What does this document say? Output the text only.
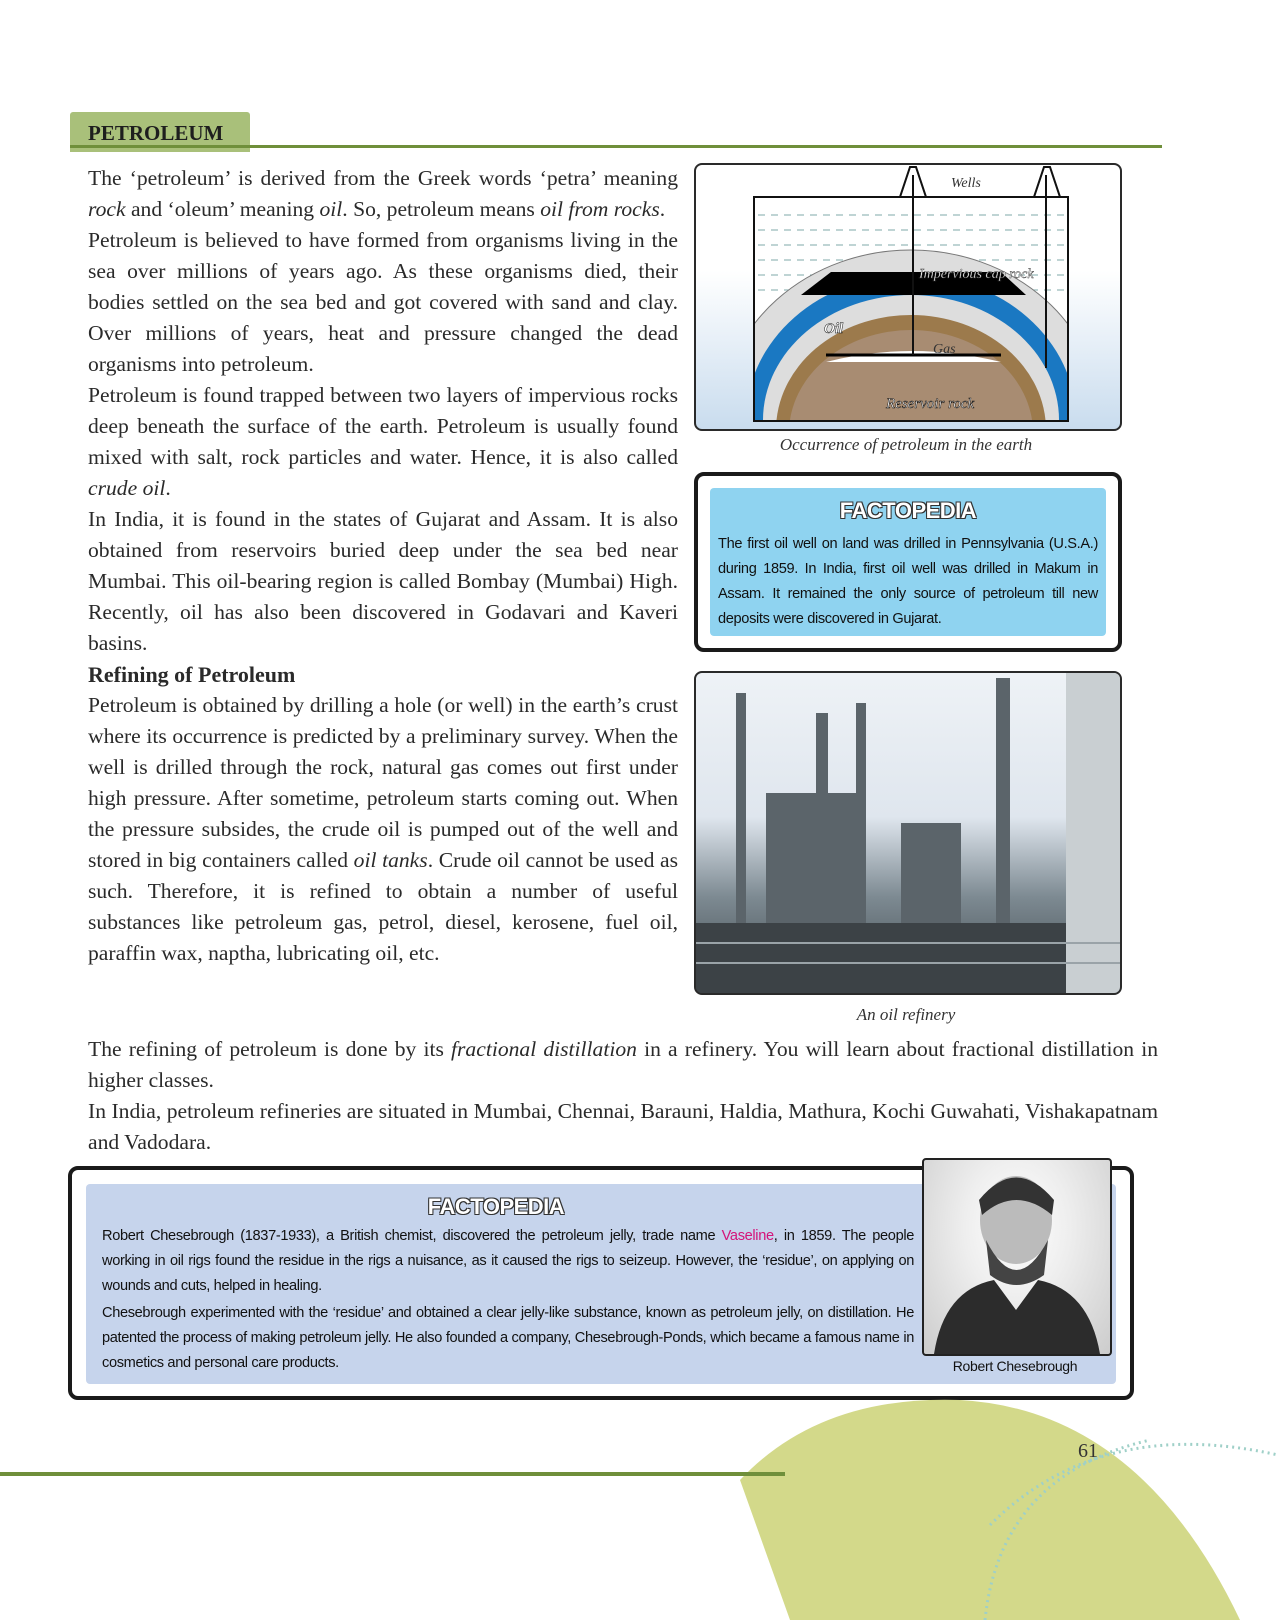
PETROLEUM

The ‘petroleum’ is derived from the Greek words ‘petra’ meaning rock and ‘oleum’ meaning oil. So, petroleum means oil from rocks.

Petroleum is believed to have formed from organisms living in the sea over millions of years ago. As these organisms died, their bodies settled on the sea bed and got covered with sand and clay. Over millions of years, heat and pressure changed the dead organisms into petroleum.

Petroleum is found trapped between two layers of impervious rocks deep beneath the surface of the earth. Petroleum is usually found mixed with salt, rock particles and water. Hence, it is also called crude oil.

In India, it is found in the states of Gujarat and Assam. It is also obtained from reservoirs buried deep under the sea bed near Mumbai. This oil-bearing region is called Bombay (Mumbai) High. Recently, oil has also been discovered in Godavari and Kaveri basins.

Refining of Petroleum

Petroleum is obtained by drilling a hole (or well) in the earth’s crust where its occurrence is predicted by a preliminary survey. When the well is drilled through the rock, natural gas comes out first under high pressure. After sometime, petroleum starts coming out. When the pressure subsides, the crude oil is pumped out of the well and stored in big containers called oil tanks. Crude oil cannot be used as such. Therefore, it is refined to obtain a number of useful substances like petroleum gas, petrol, diesel, kerosene, fuel oil, paraffin wax, naptha, lubricating oil, etc.

The refining of petroleum is done by its fractional distillation in a refinery. You will learn about fractional distillation in higher classes.

In India, petroleum refineries are situated in Mumbai, Chennai, Barauni, Haldia, Mathura, Kochi Guwahati, Vishakapatnam and Vadodara.

Wells
Impervious cap rock
Oil
Gas
Reservoir rock
Occurrence of petroleum in the earth
FACTOPEDIA
The first oil well on land was drilled in Pennsylvania (U.S.A.) during 1859. In India, first oil well was drilled in Makum in Assam. It remained the only source of petroleum till new deposits were discovered in Gujarat.
An oil refinery
FACTOPEDIA
Robert Chesebrough (1837-1933), a British chemist, discovered the petroleum jelly, trade name Vaseline, in 1859. The people working in oil rigs found the residue in the rigs a nuisance, as it caused the rigs to seizeup. However, the ‘residue’, on applying on wounds and cuts, helped in healing.
Chesebrough experimented with the ‘residue’ and obtained a clear jelly-like substance, known as petroleum jelly, on distillation. He patented the process of making petroleum jelly. He also founded a company, Chesebrough-Ponds, which became a famous name in cosmetics and personal care products.	Robert Chesebrough
61
